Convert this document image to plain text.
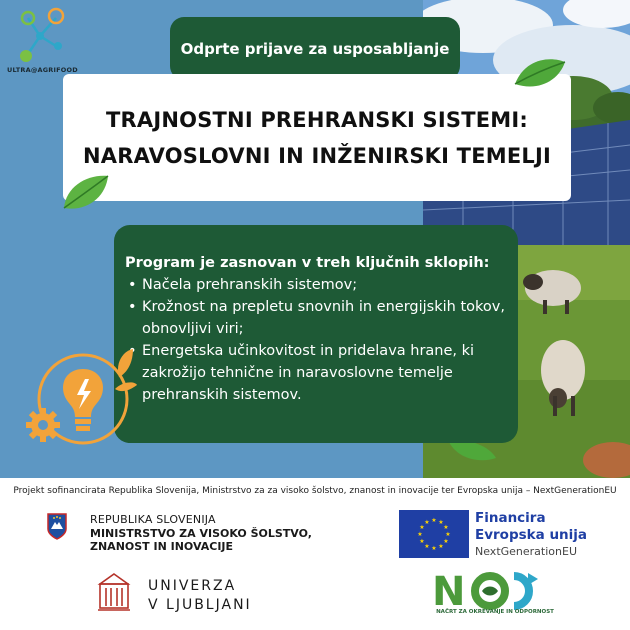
ULTRA@AGRIFOOD
Odprte prijave za usposabljanje
TRAJNOSTNI PREHRANSKI SISTEMI:
NARAVOSLOVNI IN INŽENIRSKI TEMELJI
Program je zasnovan v treh ključnih sklopih:
• Načela prehranskih sistemov;
• Krožnost na prepletu snovnih in energijskih tokov, obnovljivi viri;
• Energetska učinkovitost in pridelava hrane, ki zakrožijo tehnične in naravoslovne temelje prehranskih sistemov.
Projekt sofinancirata Republika Slovenija, Ministrstvo za za visoko šolstvo, znanost in inovacije ter Evropska unija – NextGenerationEU
REPUBLIKA SLOVENIJA
MINISTRSTVO ZA VISOKO ŠOLSTVO,
ZNANOST IN INOVACIJE
★ ★
★
★
★
★
★
★
★
★
★
★	Financira
Evropska unija
NextGenerationEU
UNIVERZA
V LJUBLJANI	N
NAČRT ZA OKREVANJE IN ODPORNOST
